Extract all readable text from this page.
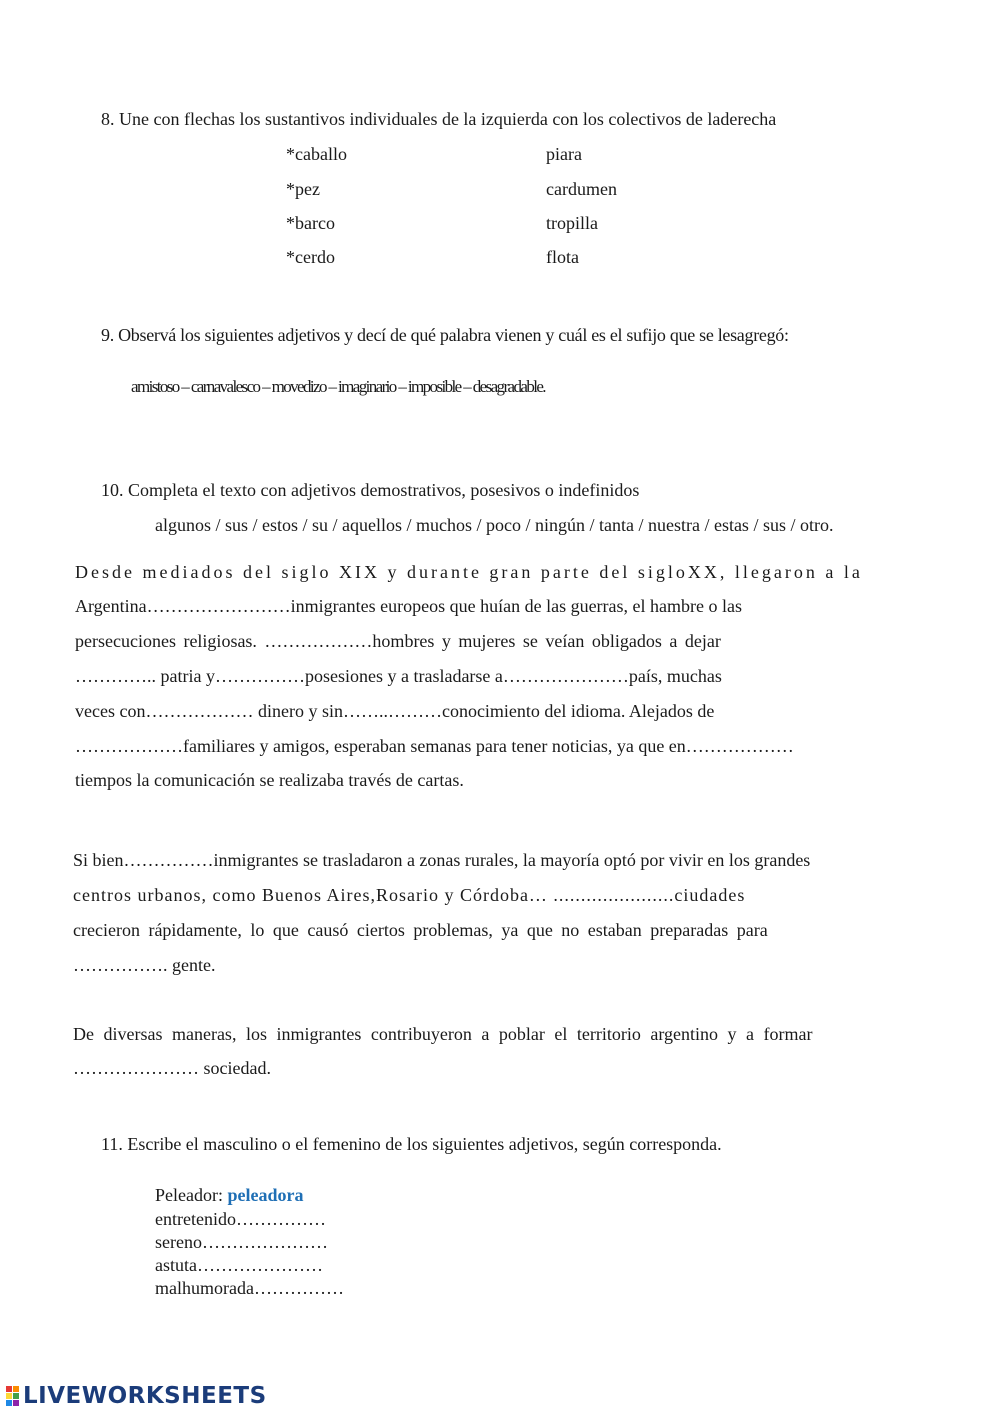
8. Une con flechas los sustantivos individuales de la izquierda con los colectivos de laderecha
*caballo
*pez
*barco
*cerdo
piara
cardumen
tropilla
flota
9. Observá los siguientes adjetivos y decí de qué palabra vienen y cuál es el sufijo que se lesagregó:
amistoso – carnavalesco – movedizo – imaginario – imposible – desagradable.
10. Completa el texto con adjetivos demostrativos, posesivos o indefinidos
algunos / sus / estos / su / aquellos / muchos / poco / ningún / tanta / nuestra / estas / sus / otro.
Desde mediados del siglo XIX y durante gran parte del sigloXX, llegaron a la
Argentina……………………inmigrantes europeos que huían de las guerras, el hambre o las
persecuciones religiosas. ………………hombres y mujeres se veían obligados a dejar
………….. patria y……………posesiones y a trasladarse a…………………país, muchas
veces con……………… dinero y sin……..………conocimiento del idioma. Alejados de
………………familiares y amigos, esperaban semanas para tener noticias, ya que en………………
tiempos la comunicación se realizaba través de cartas.
Si bien……………inmigrantes se trasladaron a zonas rurales, la mayoría optó por vivir en los grandes
centros urbanos, como Buenos Aires,Rosario y Córdoba… ......................ciudades
crecieron rápidamente, lo que causó ciertos problemas, ya que no estaban preparadas para
……………. gente.
De diversas maneras, los inmigrantes contribuyeron a poblar el territorio argentino y a formar
………………… sociedad.
11. Escribe el masculino o el femenino de los siguientes adjetivos, según corresponda.
Peleador: peleadora
entretenido……………
sereno…………………
astuta…………………
malhumorada……………
LIVEWORKSHEETS
